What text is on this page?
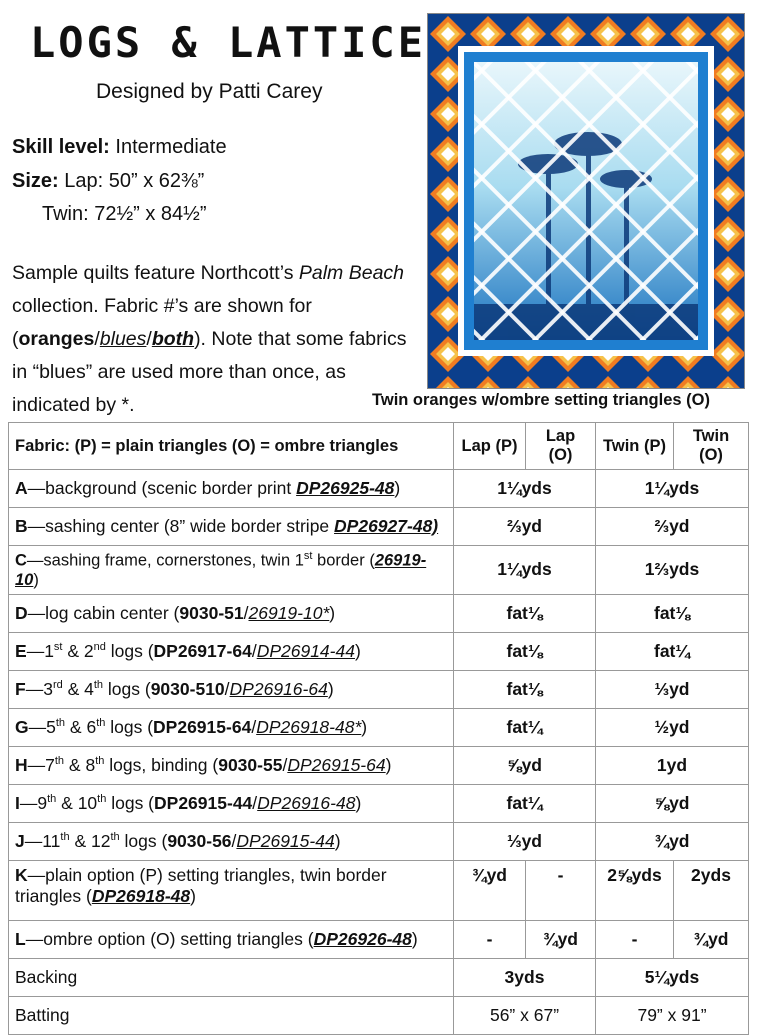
LOGS & LATTICE
Designed by Patti Carey
Skill level: Intermediate
Size: Lap: 50” x 62⅜”
Twin: 72½” x 84½”
Sample quilts feature Northcott’s Palm Beach collection. Fabric #’s are shown for (oranges/blues/both). Note that some fabrics in “blues” are used more than once, as indicated by *.	Twin oranges w/ombre setting triangles (O)
Fabric: (P) = plain triangles (O) = ombre triangles	Lap (P)	Lap (O)	Twin (P)	Twin (O)
A—background (scenic border print DP26925-48)	1¼yds		1¼yds	
B—sashing center (8” wide border stripe DP26927-48)	⅔yd		⅔yd	
C—sashing frame, cornerstones, twin 1st border (26919-10)	1¼yds		1⅔yds	
D—log cabin center (9030-51/26919-10*)	fat⅛		fat⅛	
E—1st & 2nd logs (DP26917-64/DP26914-44)	fat⅛		fat¼	
F—3rd & 4th logs (9030-510/DP26916-64)	fat⅛		⅓yd	
G—5th & 6th logs (DP26915-64/DP26918-48*)	fat¼		½yd	
H—7th & 8th logs, binding (9030-55/DP26915-64)	⅝yd		1yd	
I—9th & 10th logs (DP26915-44/DP26916-48)	fat¼		⅝yd	
J—11th & 12th logs (9030-56/DP26915-44)	⅓yd		¾yd	
K—plain option (P) setting triangles, twin border triangles (DP26918-48)	¾yd	-	2⅝yds	2yds
L—ombre option (O) setting triangles (DP26926-48)	-	¾yd	-	¾yd
Backing	3yds		5¼yds	
Batting	56” x 67”		79” x 91”	
